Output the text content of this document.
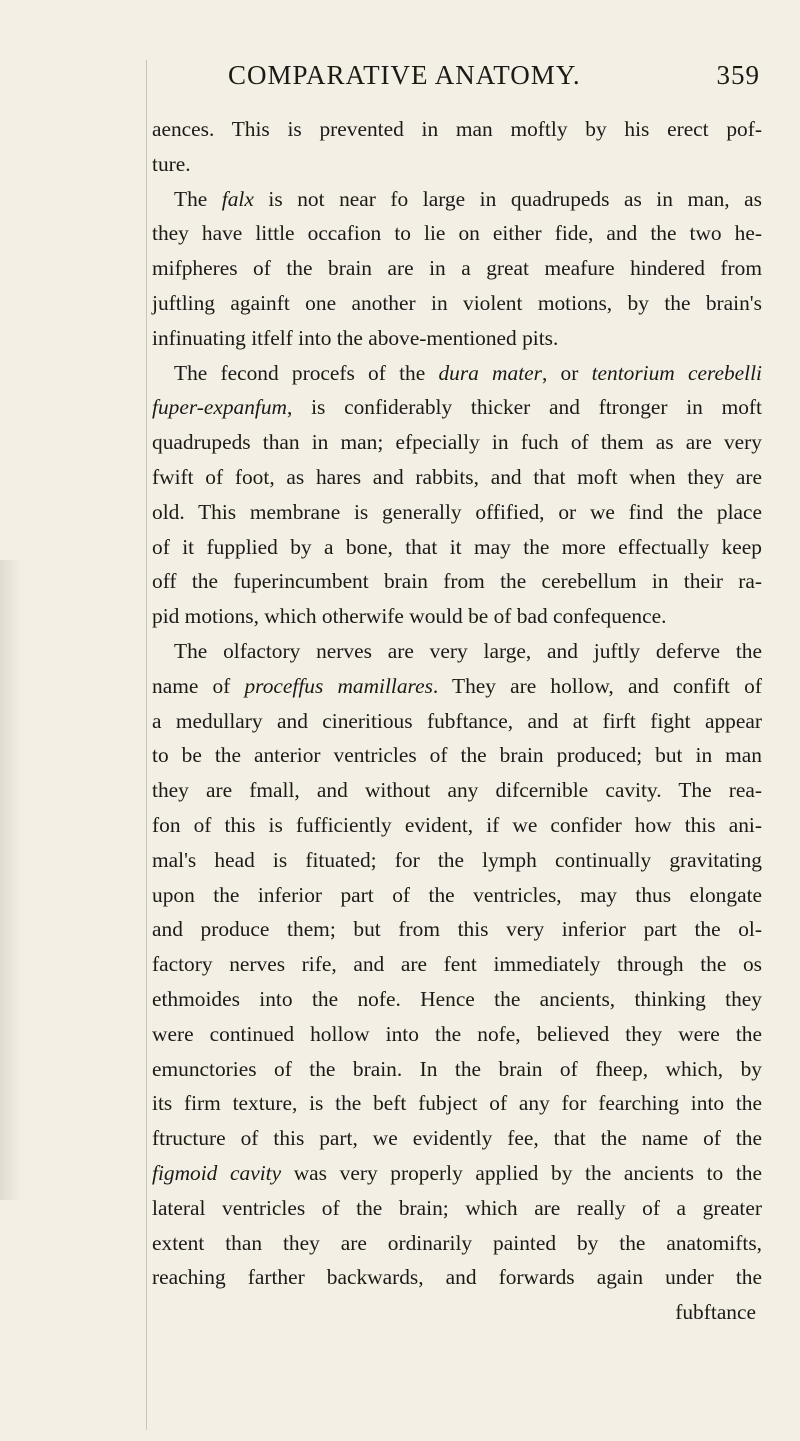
COMPARATIVE ANATOMY.	359
aences. This is prevented in man moftly by his erect pof-
ture.
The falx is not near fo large in quadrupeds as in man, as
they have little occafion to lie on either fide, and the two he-
mifpheres of the brain are in a great meafure hindered from
juftling againft one another in violent motions, by the brain's
infinuating itfelf into the above-mentioned pits.
The fecond procefs of the dura mater, or tentorium cerebelli
fuper-expanfum, is confiderably thicker and ftronger in moft
quadrupeds than in man; efpecially in fuch of them as are very
fwift of foot, as hares and rabbits, and that moft when they are
old. This membrane is generally offified, or we find the place
of it fupplied by a bone, that it may the more effectually keep
off the fuperincumbent brain from the cerebellum in their ra-
pid motions, which otherwife would be of bad confequence.
The olfactory nerves are very large, and juftly deferve the
name of proceffus mamillares. They are hollow, and confift of
a medullary and cineritious fubftance, and at firft fight appear
to be the anterior ventricles of the brain produced; but in man
they are fmall, and without any difcernible cavity. The rea-
fon of this is fufficiently evident, if we confider how this ani-
mal's head is fituated; for the lymph continually gravitating
upon the inferior part of the ventricles, may thus elongate
and produce them; but from this very inferior part the ol-
factory nerves rife, and are fent immediately through the os
ethmoides into the nofe. Hence the ancients, thinking they
were continued hollow into the nofe, believed they were the
emunctories of the brain. In the brain of fheep, which, by
its firm texture, is the beft fubject of any for fearching into the
ftructure of this part, we evidently fee, that the name of the
figmoid cavity was very properly applied by the ancients to the
lateral ventricles of the brain; which are really of a greater
extent than they are ordinarily painted by the anatomifts,
reaching farther backwards, and forwards again under the
fubftance
